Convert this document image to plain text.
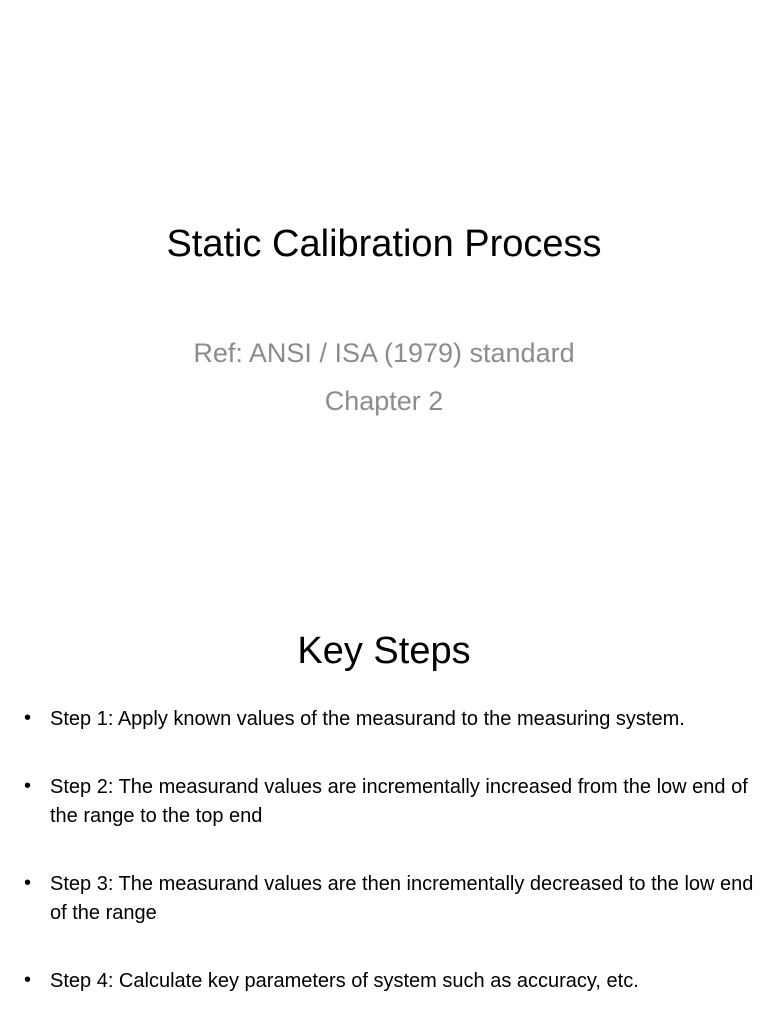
Static Calibration Process
Ref: ANSI / ISA (1979) standard
Chapter 2
Key Steps
• Step 1: Apply known values of the measurand to the measuring system.
• Step 2: The measurand values are incrementally increased from the low end of the range to the top end
• Step 3: The measurand values are then incrementally decreased to the low end of the range
• Step 4: Calculate key parameters of system such as accuracy, etc.
